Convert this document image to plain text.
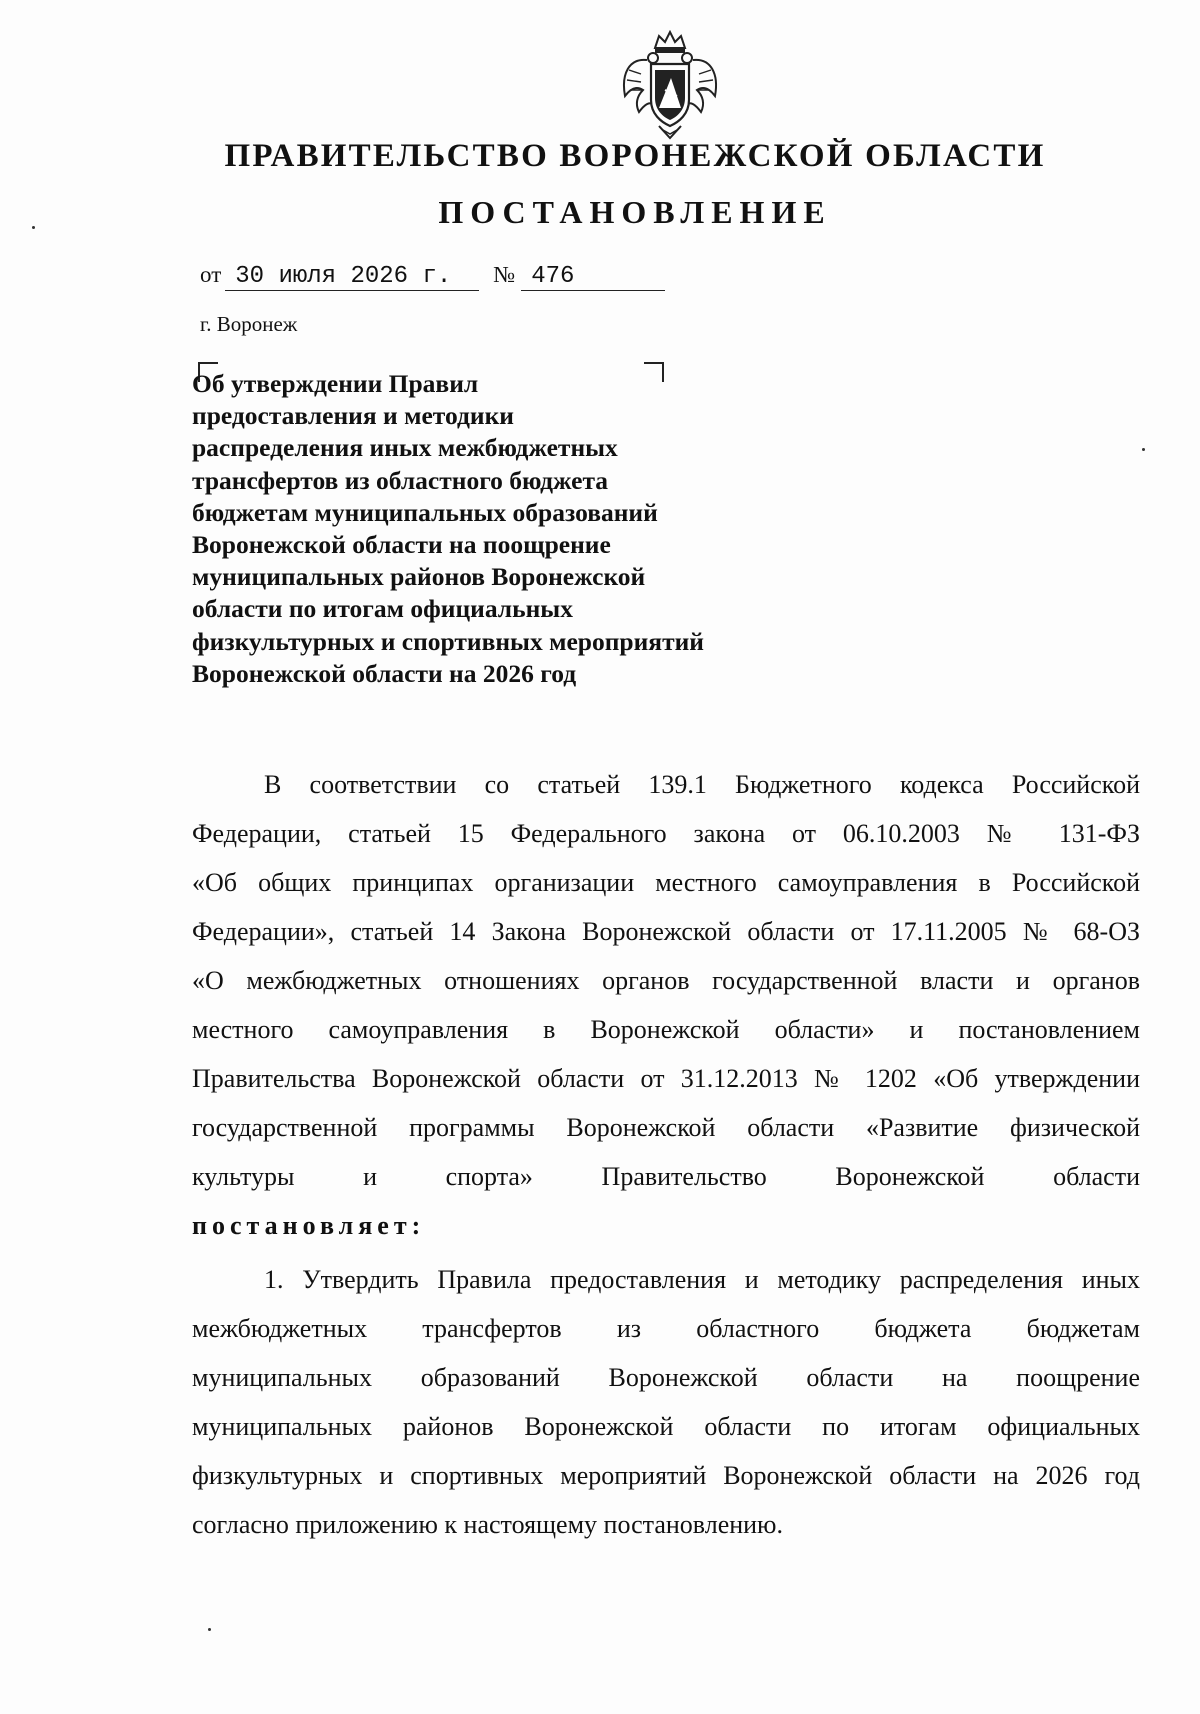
ПРАВИТЕЛЬСТВО ВОРОНЕЖСКОЙ ОБЛАСТИ
ПОСТАНОВЛЕНИЕ
от 30 июля 2026 г. № 476
г. Воронеж
Об утверждении Правил
предоставления и методики
распределения иных межбюджетных
трансфертов из областного бюджета
бюджетам муниципальных образований
Воронежской области на поощрение
муниципальных районов Воронежской
области по итогам официальных
физкультурных и спортивных мероприятий
Воронежской области на 2026 год
В соответствии со статьей 139.1 Бюджетного кодекса Российской
Федерации, статьей 15 Федерального закона от 06.10.2003 № 131-ФЗ
«Об общих принципах организации местного самоуправления в Российской
Федерации», статьей 14 Закона Воронежской области от 17.11.2005 № 68-ОЗ
«О межбюджетных отношениях органов государственной власти и органов
местного самоуправления в Воронежской области» и постановлением
Правительства Воронежской области от 31.12.2013 № 1202 «Об утверждении
государственной программы Воронежской области «Развитие физической
культуры и спорта» Правительство Воронежской области
постановляет:
1. Утвердить Правила предоставления и методику распределения иных
межбюджетных трансфертов из областного бюджета бюджетам
муниципальных образований Воронежской области на поощрение
муниципальных районов Воронежской области по итогам официальных
физкультурных и спортивных мероприятий Воронежской области на 2026 год
согласно приложению к настоящему постановлению.
